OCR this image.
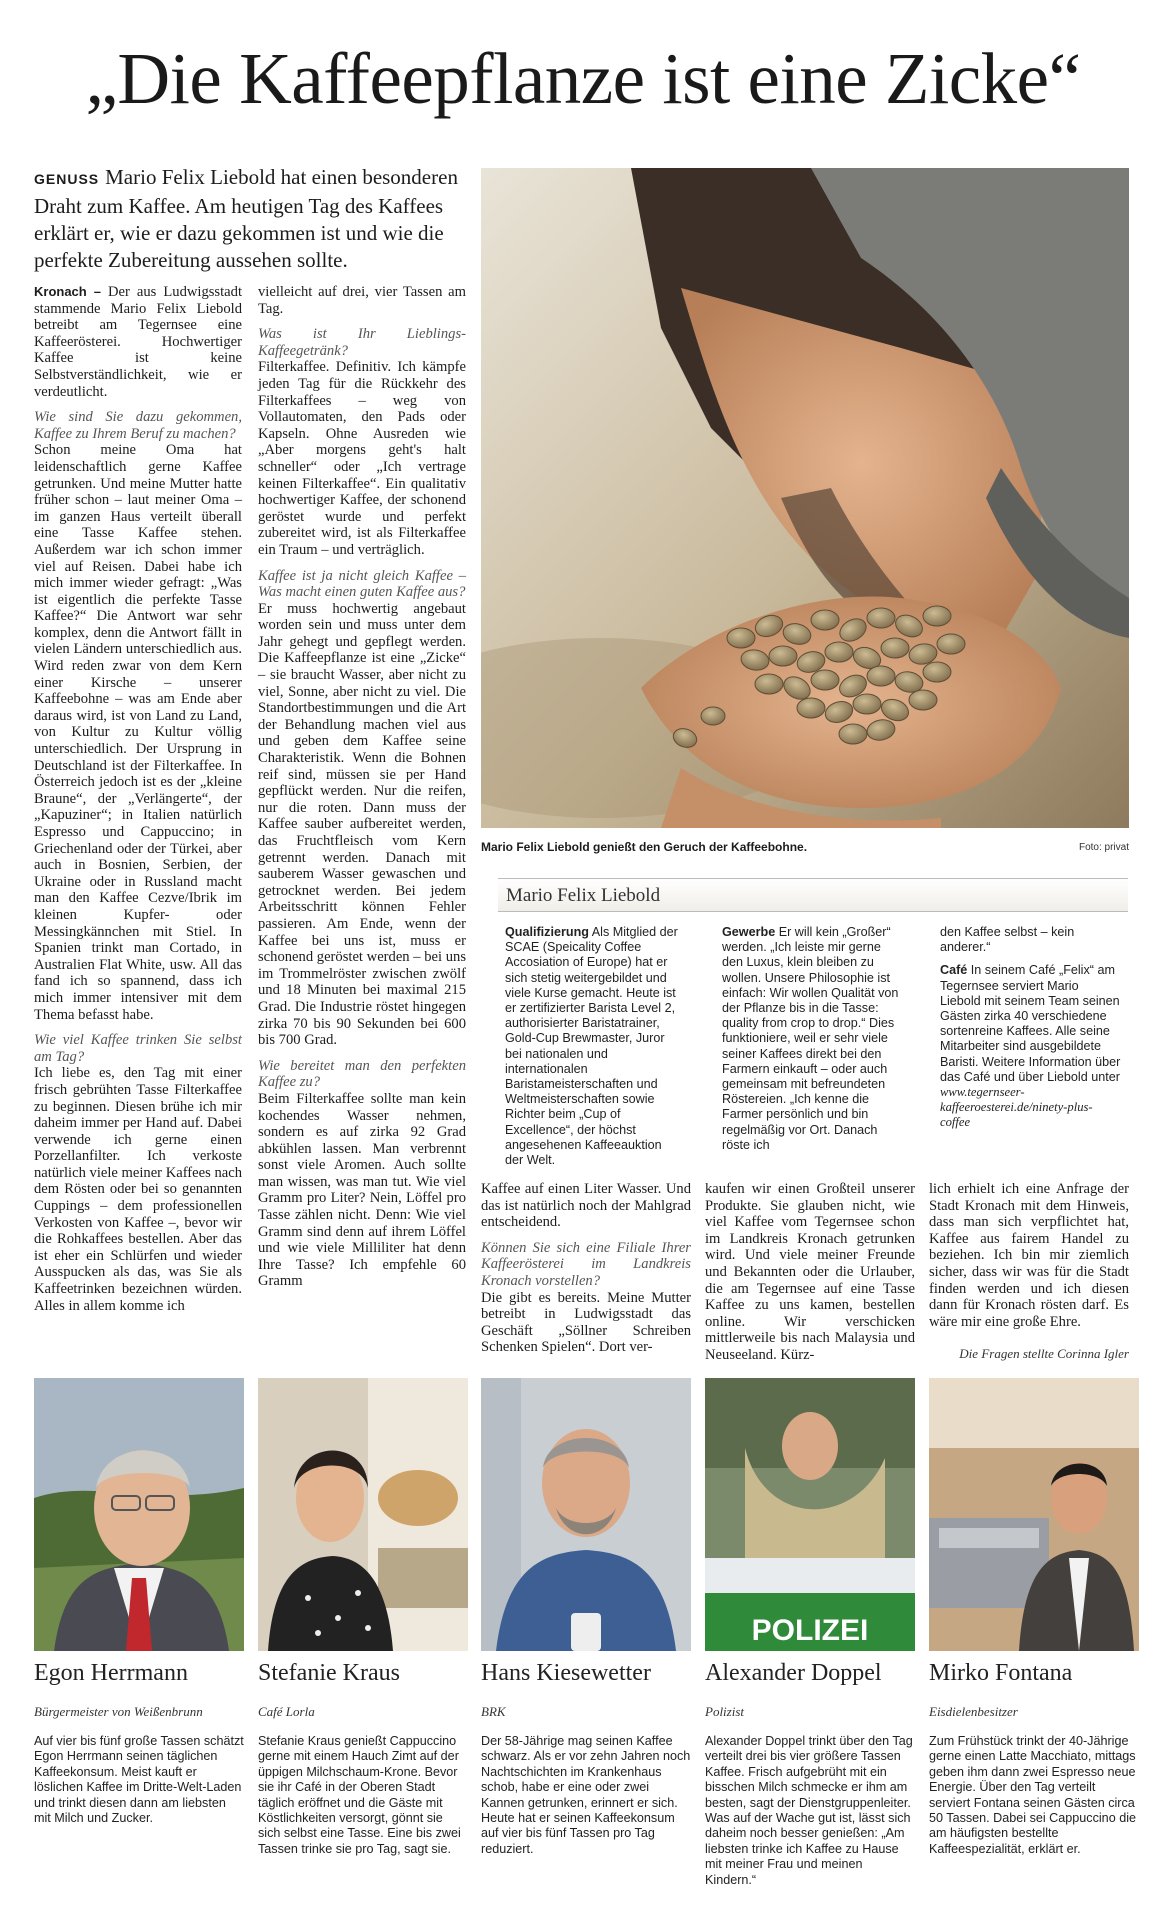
„Die Kaffeepflanze ist eine Zicke“
GENUSS Mario Felix Liebold hat einen besonderen Draht zum Kaffee. Am heutigen Tag des Kaffees erklärt er, wie er dazu gekommen ist und wie die perfekte Zubereitung aussehen sollte.

Kronach – Der aus Ludwigsstadt stammende Mario Felix Liebold betreibt am Tegernsee eine Kaffeerösterei. Hochwertiger Kaffee ist keine Selbstverständlichkeit, wie er verdeutlicht.

Wie sind Sie dazu gekommen, Kaffee zu Ihrem Beruf zu machen?

Schon meine Oma hat leidenschaftlich gerne Kaffee getrunken. Und meine Mutter hatte früher schon – laut meiner Oma – im ganzen Haus verteilt überall eine Tasse Kaffee stehen. Außerdem war ich schon immer viel auf Reisen. Dabei habe ich mich immer wieder gefragt: „Was ist eigentlich die perfekte Tasse Kaffee?“ Die Antwort war sehr komplex, denn die Antwort fällt in vielen Ländern unterschiedlich aus. Wird reden zwar von dem Kern einer Kirsche – unserer Kaffeebohne – was am Ende aber daraus wird, ist von Land zu Land, von Kultur zu Kultur völlig unterschiedlich. Der Ursprung in Deutschland ist der Filterkaffee. In Österreich jedoch ist es der „kleine Braune“, der „Verlängerte“, der „Kapuziner“; in Italien natürlich Espresso und Cappuccino; in Griechenland oder der Türkei, aber auch in Bosnien, Serbien, der Ukraine oder in Russland macht man den Kaffee Cezve/Ibrik im kleinen Kupfer- oder Messingkännchen mit Stiel. In Spanien trinkt man Cortado, in Australien Flat White, usw. All das fand ich so spannend, dass ich mich immer intensiver mit dem Thema befasst habe.

Wie viel Kaffee trinken Sie selbst am Tag?

Ich liebe es, den Tag mit einer frisch gebrühten Tasse Filterkaffee zu beginnen. Diesen brühe ich mir daheim immer per Hand auf. Dabei verwende ich gerne einen Porzellanfilter. Ich verkoste natürlich viele meiner Kaffees nach dem Rösten oder bei so genannten Cuppings – dem professionellen Verkosten von Kaffee –, bevor wir die Rohkaffees bestellen. Aber das ist eher ein Schlürfen und wieder Ausspucken als das, was Sie als Kaffeetrinken bezeichnen würden. Alles in allem komme ich

vielleicht auf drei, vier Tassen am Tag.

Was ist Ihr Lieblings-Kaffeegetränk?

Filterkaffee. Definitiv. Ich kämpfe jeden Tag für die Rückkehr des Filterkaffees – weg von Vollautomaten, den Pads oder Kapseln. Ohne Ausreden wie „Aber morgens geht's halt schneller“ oder „Ich vertrage keinen Filterkaffee“. Ein qualitativ hochwertiger Kaffee, der schonend geröstet wurde und perfekt zubereitet wird, ist als Filterkaffee ein Traum – und verträglich.

Kaffee ist ja nicht gleich Kaffee – Was macht einen guten Kaffee aus?

Er muss hochwertig angebaut worden sein und muss unter dem Jahr gehegt und gepflegt werden. Die Kaffeepflanze ist eine „Zicke“ – sie braucht Wasser, aber nicht zu viel, Sonne, aber nicht zu viel. Die Standortbestimmungen und die Art der Behandlung machen viel aus und geben dem Kaffee seine Charakteristik. Wenn die Bohnen reif sind, müssen sie per Hand gepflückt werden. Nur die reifen, nur die roten. Dann muss der Kaffee sauber aufbereitet werden, das Fruchtfleisch vom Kern getrennt werden. Danach mit sauberem Wasser gewaschen und getrocknet werden. Bei jedem Arbeitsschritt können Fehler passieren. Am Ende, wenn der Kaffee bei uns ist, muss er schonend geröstet werden – bei uns im Trommelröster zwischen zwölf und 18 Minuten bei maximal 215 Grad. Die Industrie röstet hingegen zirka 70 bis 90 Sekunden bei 600 bis 700 Grad.

Wie bereitet man den perfekten Kaffee zu?

Beim Filterkaffee sollte man kein kochendes Wasser nehmen, sondern es auf zirka 92 Grad abkühlen lassen. Man verbrennt sonst viele Aromen. Auch sollte man wissen, was man tut. Wie viel Gramm pro Liter? Nein, Löffel pro Tasse zählen nicht. Denn: Wie viel Gramm sind denn auf ihrem Löffel und wie viele Milliliter hat denn Ihre Tasse? Ich empfehle 60 Gramm

Mario Felix Liebold genießt den Geruch der Kaffeebohne.	Foto: privat
Mario Felix Liebold

Qualifizierung Als Mitglied der SCAE (Speicality Coffee Accosiation of Europe) hat er sich stetig weitergebildet und viele Kurse gemacht. Heute ist er zertifizierter Barista Level 2, authorisierter Baristatrainer, Gold-Cup Brewmaster, Juror bei nationalen und internationalen Baristameisterschaften und Weltmeisterschaften sowie Richter beim „Cup of Excellence“, der höchst angesehenen Kaffeeauktion der Welt.

Gewerbe Er will kein „Großer“ werden. „Ich leiste mir gerne den Luxus, klein bleiben zu wollen. Unsere Philosophie ist einfach: Wir wollen Qualität von der Pflanze bis in die Tasse: quality from crop to drop.“ Dies funktioniere, weil er sehr viele seiner Kaffees direkt bei den Farmern einkauft – oder auch gemeinsam mit befreundeten Röstereien. „Ich kenne die Farmer persönlich und bin regelmäßig vor Ort. Danach röste ich

den Kaffee selbst – kein anderer.“

Café In seinem Café „Felix“ am Tegernsee serviert Mario Liebold mit seinem Team seinen Gästen zirka 40 verschiedene sortenreine Kaffees. Alle seine Mitarbeiter sind ausgebildete Baristi. Weitere Information über das Café und über Liebold unter www.tegernseer-kaffeeroesterei.de/ninety-plus-coffee

Kaffee auf einen Liter Wasser. Und das ist natürlich noch der Mahlgrad entscheidend.

Können Sie sich eine Filiale Ihrer Kaffeerösterei im Landkreis Kronach vorstellen?

Die gibt es bereits. Meine Mutter betreibt in Ludwigsstadt das Geschäft „Söllner Schreiben Schenken Spielen“. Dort ver-

kaufen wir einen Großteil unserer Produkte. Sie glauben nicht, wie viel Kaffee vom Tegernsee schon im Landkreis Kronach getrunken wird. Und viele meiner Freunde und Bekannten oder die Urlauber, die am Tegernsee auf eine Tasse Kaffee zu uns kamen, bestellen online. Wir verschicken mittlerweile bis nach Malaysia und Neuseeland. Kürz-

lich erhielt ich eine Anfrage der Stadt Kronach mit dem Hinweis, dass man sich verpflichtet hat, Kaffee aus fairem Handel zu beziehen. Ich bin mir ziemlich sicher, dass wir was für die Stadt finden werden und ich diesen dann für Kronach rösten darf. Es wäre mir eine große Ehre.

Die Fragen stellte Corinna Igler
POLIZEI
Egon Herrmann	Stefanie Kraus	Hans Kiesewetter Alexander Doppel Mirko Fontana
Bürgermeister von Weißenbrunn	Café Lorla	BRK	Polizist	Eisdielenbesitzer
Auf vier bis fünf große Tassen schätzt Egon Herrmann seinen täglichen Kaffeekonsum. Meist kauft er löslichen Kaffee im Dritte-Welt-Laden und trinkt diesen dann am liebsten mit Milch und Zucker.
Stefanie Kraus genießt Cappuccino gerne mit einem Hauch Zimt auf der üppigen Milchschaum-Krone. Bevor sie ihr Café in der Oberen Stadt täglich eröffnet und die Gäste mit Köstlichkeiten versorgt, gönnt sie sich selbst eine Tasse. Eine bis zwei Tassen trinke sie pro Tag, sagt sie.
Der 58-Jährige mag seinen Kaffee schwarz. Als er vor zehn Jahren noch Nachtschichten im Krankenhaus schob, habe er eine oder zwei Kannen getrunken, erinnert er sich. Heute hat er seinen Kaffeekonsum auf vier bis fünf Tassen pro Tag reduziert.
Alexander Doppel trinkt über den Tag verteilt drei bis vier größere Tassen Kaffee. Frisch aufgebrüht mit ein bisschen Milch schmecke er ihm am besten, sagt der Dienstgruppenleiter. Was auf der Wache gut ist, lässt sich daheim noch besser genießen: „Am liebsten trinke ich Kaffee zu Hause mit meiner Frau und meinen Kindern.“
Zum Frühstück trinkt der 40-Jährige gerne einen Latte Macchiato, mittags geben ihm dann zwei Espresso neue Energie. Über den Tag verteilt serviert Fontana seinen Gästen circa 50 Tassen. Dabei sei Cappuccino die am häufigsten bestellte Kaffeespezialität, erklärt er.
